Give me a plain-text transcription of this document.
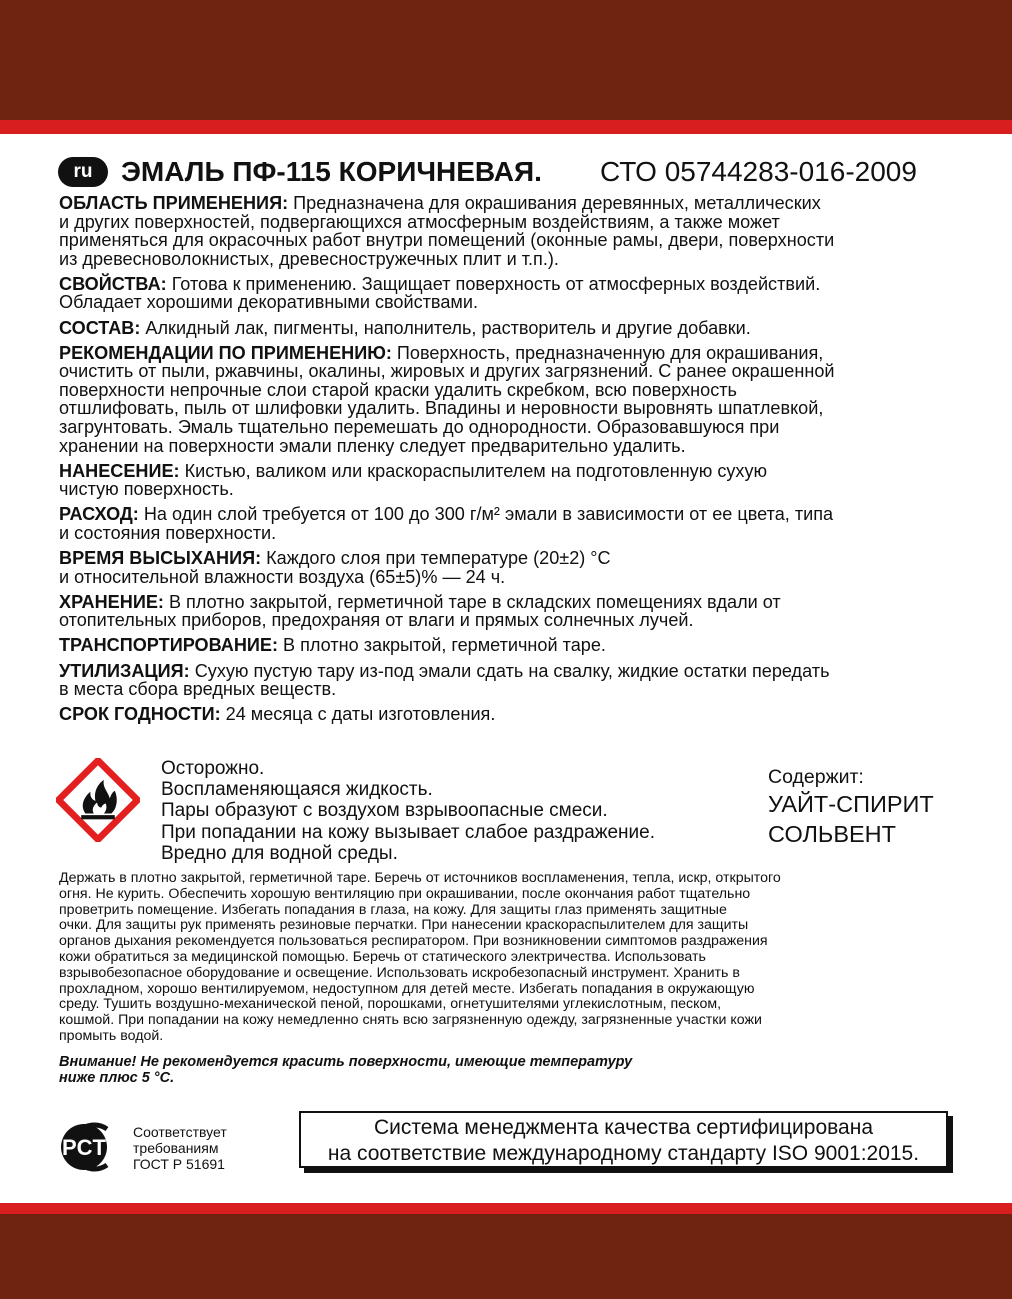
ru	ЭМАЛЬ ПФ-115 КОРИЧНЕВАЯ. СТО 05744283-016-2009
ОБЛАСТЬ ПРИМЕНЕНИЯ: Предназначена для окрашивания деревянных, металлических
и других поверхностей, подвергающихся атмосферным воздействиям, а также может
применяться для окрасочных работ внутри помещений (оконные рамы, двери, поверхности
из древесноволокнистых, древесностружечных плит и т.п.).
СВОЙСТВА: Готова к применению. Защищает поверхность от атмосферных воздействий.
Обладает хорошими декоративными свойствами.
СОСТАВ: Алкидный лак, пигменты, наполнитель, растворитель и другие добавки.
РЕКОМЕНДАЦИИ ПО ПРИМЕНЕНИЮ: Поверхность, предназначенную для окрашивания,
очистить от пыли, ржавчины, окалины, жировых и других загрязнений. С ранее окрашенной
поверхности непрочные слои старой краски удалить скребком, всю поверхность
отшлифовать, пыль от шлифовки удалить. Впадины и неровности выровнять шпатлевкой,
загрунтовать. Эмаль тщательно перемешать до однородности. Образовавшуюся при
хранении на поверхности эмали пленку следует предварительно удалить.
НАНЕСЕНИЕ: Кистью, валиком или краскораспылителем на подготовленную сухую
чистую поверхность.
РАСХОД: На один слой требуется от 100 до 300 г/м² эмали в зависимости от ее цвета, типа
и состояния поверхности.
ВРЕМЯ ВЫСЫХАНИЯ: Каждого слоя при температуре (20±2) °С
и относительной влажности воздуха (65±5)% — 24 ч.
ХРАНЕНИЕ: В плотно закрытой, герметичной таре в складских помещениях вдали от
отопительных приборов, предохраняя от влаги и прямых солнечных лучей.
ТРАНСПОРТИРОВАНИЕ: В плотно закрытой, герметичной таре.
УТИЛИЗАЦИЯ: Сухую пустую тару из-под эмали сдать на свалку, жидкие остатки передать
в места сбора вредных веществ.
СРОК ГОДНОСТИ: 24 месяца с даты изготовления.
Осторожно.
Воспламеняющаяся жидкость.
Пары образуют с воздухом взрывоопасные смеси.
При попадании на кожу вызывает слабое раздражение.
Вредно для водной среды.
Содержит:
УАЙТ-СПИРИТ
СОЛЬВЕНТ
Держать в плотно закрытой, герметичной таре. Беречь от источников воспламенения, тепла, искр, открытого
огня. Не курить. Обеспечить хорошую вентиляцию при окрашивании, после окончания работ тщательно
проветрить помещение. Избегать попадания в глаза, на кожу. Для защиты глаз применять защитные
очки. Для защиты рук применять резиновые перчатки. При нанесении краскораспылителем для защиты
органов дыхания рекомендуется пользоваться респиратором. При возникновении симптомов раздражения
кожи обратиться за медицинской помощью. Беречь от статического электричества. Использовать
взрывобезопасное оборудование и освещение. Использовать искробезопасный инструмент. Хранить в
прохладном, хорошо вентилируемом, недоступном для детей месте. Избегать попадания в окружающую
среду. Тушить воздушно-механической пеной, порошками, огнетушителями углекислотным, песком,
кошмой. При попадании на кожу немедленно снять всю загрязненную одежду, загрязненные участки кожи
промыть водой.
Внимание! Не рекомендуется красить поверхности, имеющие температуру
ниже плюс 5 °С.
PCT
Соответствует
требованиям
ГОСТ Р 51691
Система менеджмента качества сертифицирована
на соответствие международному стандарту ISO 9001:2015.
